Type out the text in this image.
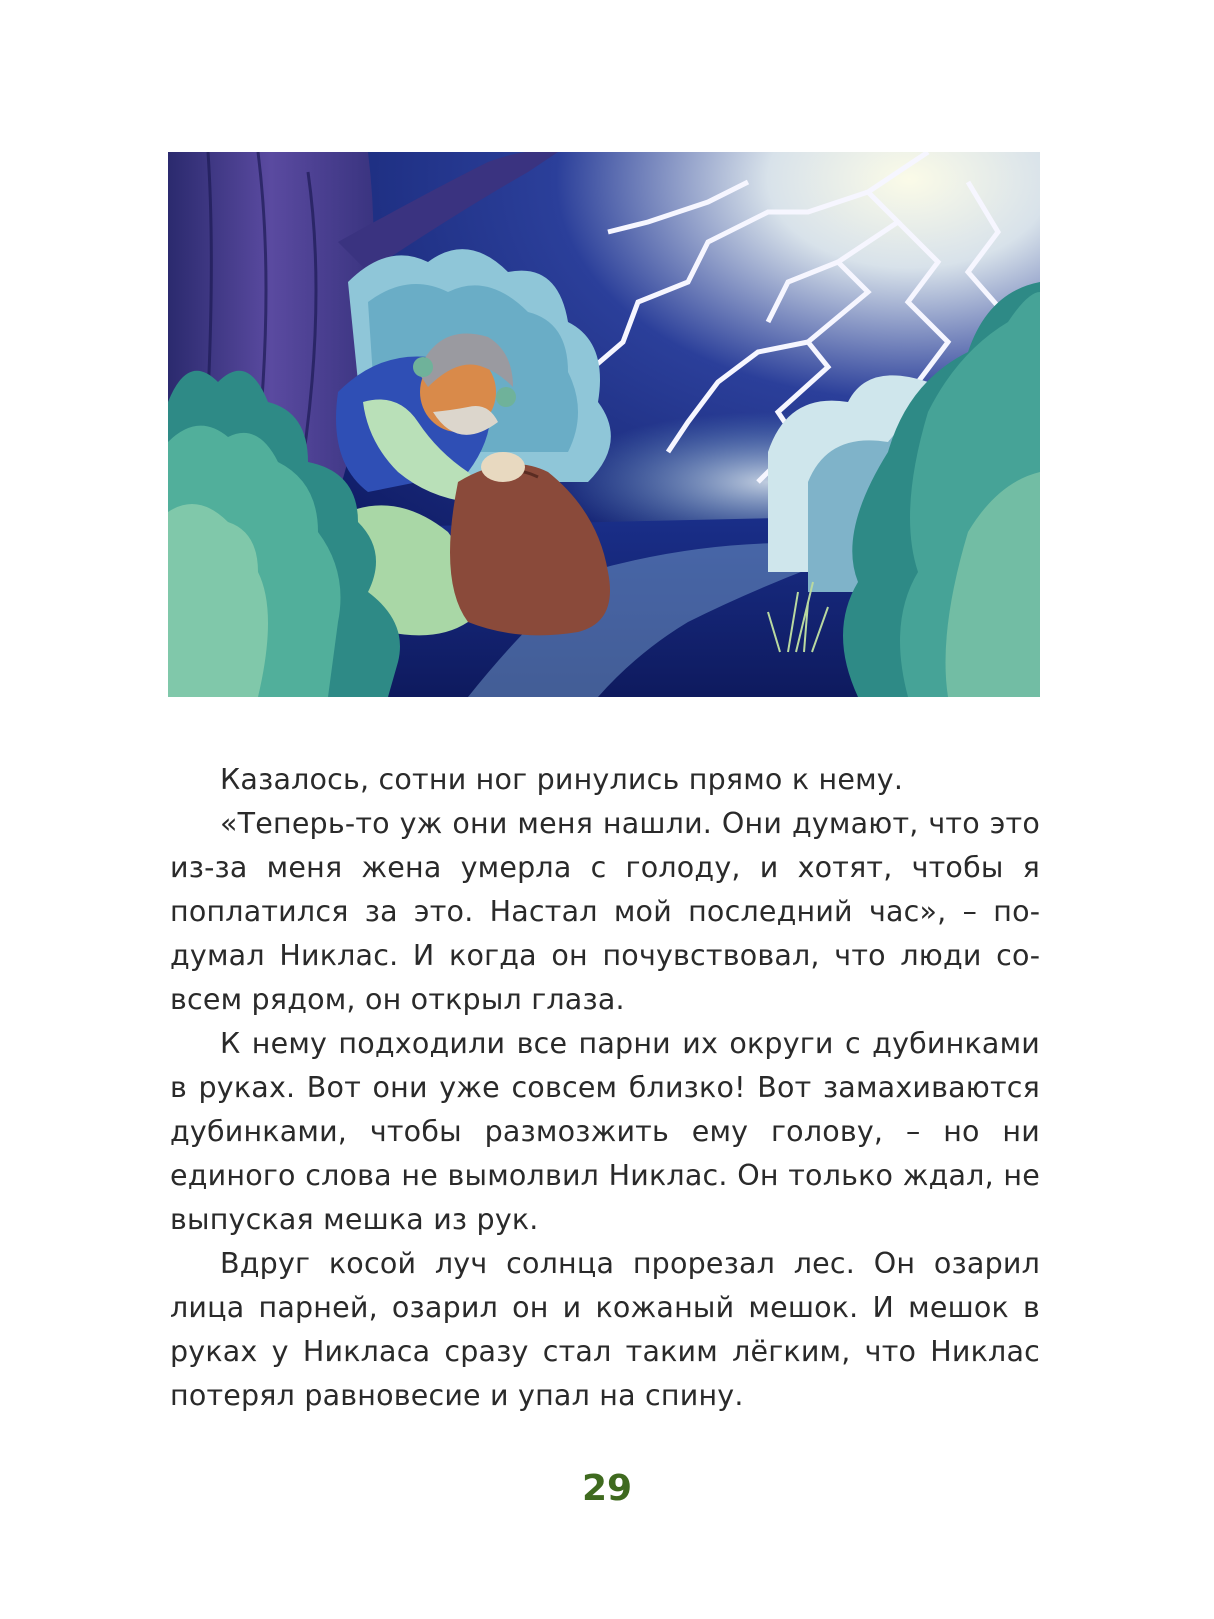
Казалось, сотни ног ринулись прямо к нему.

«Теперь-то уж они меня нашли. Они думают, что это из-за меня жена умерла с голоду, и хотят, чтобы я поплатился за это. Настал мой последний час», – подумал Никлас. И когда он почувствовал, что люди совсем рядом, он открыл глаза.

К нему подходили все парни их округи с дубинками в руках. Вот они уже совсем близко! Вот замахиваются дубинками, чтобы размозжить ему голову, – но ни единого слова не вымолвил Никлас. Он только ждал, не выпуская мешка из рук.

Вдруг косой луч солнца прорезал лес. Он озарил лица парней, озарил он и кожаный мешок. И мешок в руках у Никласа сразу стал таким лёгким, что Никлас потерял равновесие и упал на спину.

29
